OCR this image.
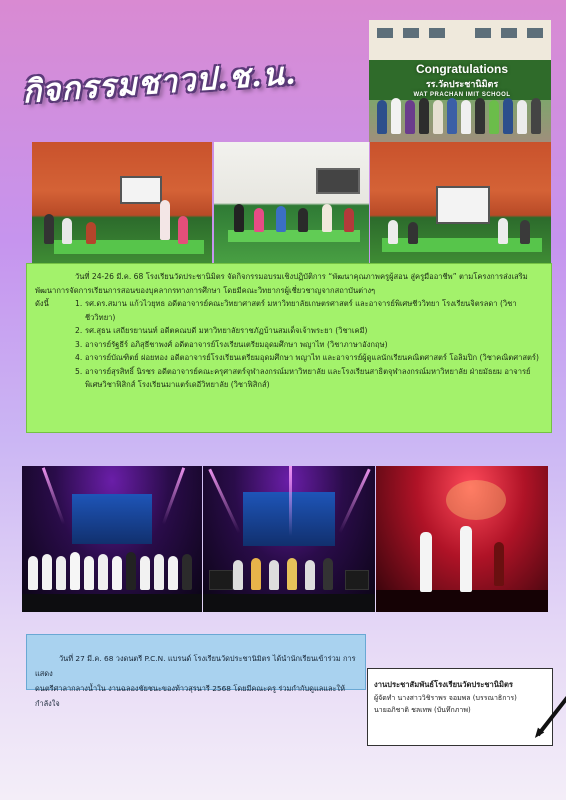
กิจกรรมชาวป.ช.น.	Congratulations
รร.วัดประชานิมิตร
WAT PRACHAN IMIT SCHOOL

วันที่ 24-26 มี.ค. 68 โรงเรียนวัดประชานิมิตร จัดกิจกรรมอบรมเชิงปฏิบัติการ “พัฒนาคุณภาพครูผู้สอน สู่ครูมืออาชีพ” ตามโครงการส่งเสริมพัฒนาการจัดการเรียนการสอนของบุคลากรทางการศึกษา โดยมีคณะวิทยากรผู้เชี่ยวชาญจากสถาบันต่างๆ

ดังนี้	1. รศ.ดร.สมาน แก้วไวยุทธ อดีตอาจารย์คณะวิทยาศาสตร์ มหาวิทยาลัยเกษตรศาสตร์ และอาจารย์พิเศษชีววิทยา โรงเรียนจิตรลดา (วิชาชีววิทยา)
2. รศ.สุธน เสถียรยานนท์ อดีตคณบดี มหาวิทยาลัยราชภัฏบ้านสมเด็จเจ้าพระยา (วิชาเคมี)
3. อาจารย์รัฐธีร์ อภิสุธีชาพงศ์ อดีตอาจารย์โรงเรียนเตรียมอุดมศึกษา พญาไท (วิชาภาษาอังกฤษ)
4. อาจารย์บัณฑิตย์ ฝอยทอง อดีตอาจารย์โรงเรียนเตรียมอุดมศึกษา พญาไท และอาจารย์ผู้ดูแลนักเรียนคณิตศาสตร์ โอลิมปิก (วิชาคณิตศาสตร์)
5. อาจารย์สุรสิทธิ์ นิรชร อดีตอาจารย์คณะครุศาสตร์จุฬาลงกรณ์มหาวิทยาลัย และโรงเรียนสาธิตจุฬาลงกรณ์มหาวิทยาลัย ฝ่ายมัธยม อาจารย์พิเศษวิชาฟิสิกส์ โรงเรียนมาแตร์เดอีวิทยาลัย (วิชาฟิสิกส์)

วันที่ 27 มี.ค. 68 วงดนตรี P.C.N. แบรนด์ โรงเรียนวัดประชานิมิตร ได้นำนักเรียนเข้าร่วม การแสดง

ดนตรีศาลากลางน้ำใน งานฉลองชัยชนะของท้าวสุรนารี 2568 โดยมีคณะครู ร่วมกำกับดูแลและให้กำลังใจ

งานประชาสัมพันธ์โรงเรียนวัดประชานิมิตร
ผู้จัดทำ นางสาววิชิราพร จอมพล (บรรณาธิการ)
นายอภิชาติ ชลเทพ (บันทึกภาพ)
